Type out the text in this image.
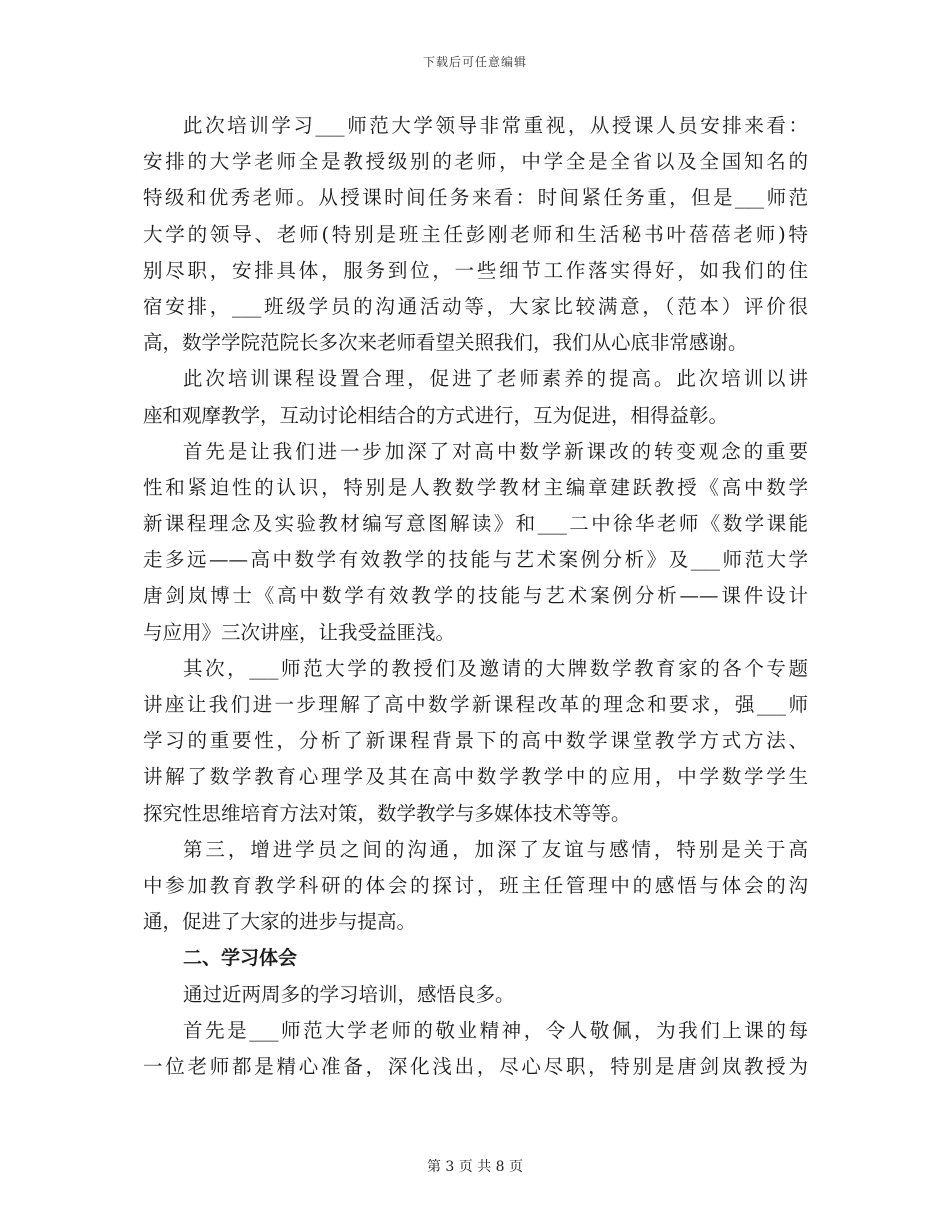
下载后可任意编辑
此次培训学习___师范大学领导非常重视，从授课人员安排来看：
安排的大学老师全是教授级别的老师，中学全是全省以及全国知名的
特级和优秀老师。从授课时间任务来看：时间紧任务重，但是___师范
大学的领导、老师(特别是班主任彭刚老师和生活秘书叶蓓蓓老师)特
别尽职，安排具体，服务到位，一些细节工作落实得好，如我们的住
宿安排，___班级学员的沟通活动等，大家比较满意，（范本）评价很
高，数学学院范院长多次来老师看望关照我们，我们从心底非常感谢。
此次培训课程设置合理，促进了老师素养的提高。此次培训以讲
座和观摩教学，互动讨论相结合的方式进行，互为促进，相得益彰。
首先是让我们进一步加深了对高中数学新课改的转变观念的重要
性和紧迫性的认识，特别是人教数学教材主编章建跃教授《高中数学
新课程理念及实验教材编写意图解读》和___二中徐华老师《数学课能
走多远——高中数学有效教学的技能与艺术案例分析》及___师范大学
唐剑岚博士《高中数学有效教学的技能与艺术案例分析——课件设计
与应用》三次讲座，让我受益匪浅。
其次，___师范大学的教授们及邀请的大牌数学教育家的各个专题
讲座让我们进一步理解了高中数学新课程改革的理念和要求，强___师
学习的重要性，分析了新课程背景下的高中数学课堂教学方式方法、
讲解了数学教育心理学及其在高中数学教学中的应用，中学数学学生
探究性思维培育方法对策，数学教学与多媒体技术等等。
第三，增进学员之间的沟通，加深了友谊与感情，特别是关于高
中参加教育教学科研的体会的探讨，班主任管理中的感悟与体会的沟
通，促进了大家的进步与提高。
二、学习体会
通过近两周多的学习培训，感悟良多。
首先是___师范大学老师的敬业精神，令人敬佩，为我们上课的每
一位老师都是精心准备，深化浅出，尽心尽职，特别是唐剑岚教授为
第 3 页 共 8 页
